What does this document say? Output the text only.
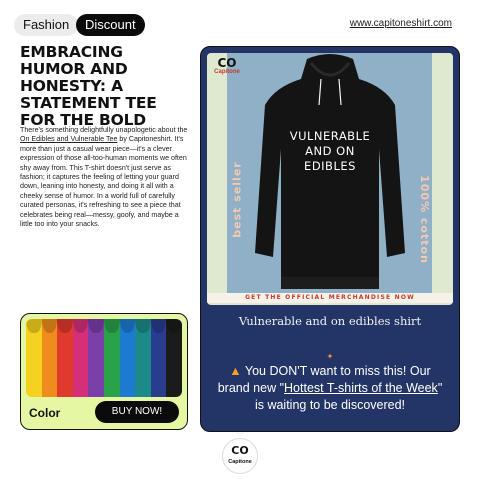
Fashion	Discount	www.capitoneshirt.com
EMBRACING HUMOR AND HONESTY: A STATEMENT TEE FOR THE BOLD

There's something delightfully unapologetic about the On Edibles and Vulnerable Tee by Capitoneshirt. It's more than just a casual wear piece—it's a clever expression of those all-too-human moments we often shy away from. This T-shirt doesn't just serve as fashion; it captures the feeling of letting your guard down, leaning into honesty, and doing it all with a cheeky sense of humor. In a world full of carefully curated personas, it's refreshing to see a piece that celebrates being real—messy, goofy, and maybe a little too into your snacks.

Color	BUY NOW!
best seller	100% cotton
VULNERABLE
AND ON
EDIBLES
CO
Capitone
GET THE OFFICIAL MERCHANDISE NOW
Vulnerable and on edibles shirt
✦

▲ You DON'T want to miss this! Our brand new "Hottest T-shirts of the Week" is waiting to be discovered!

CO
Capitone
